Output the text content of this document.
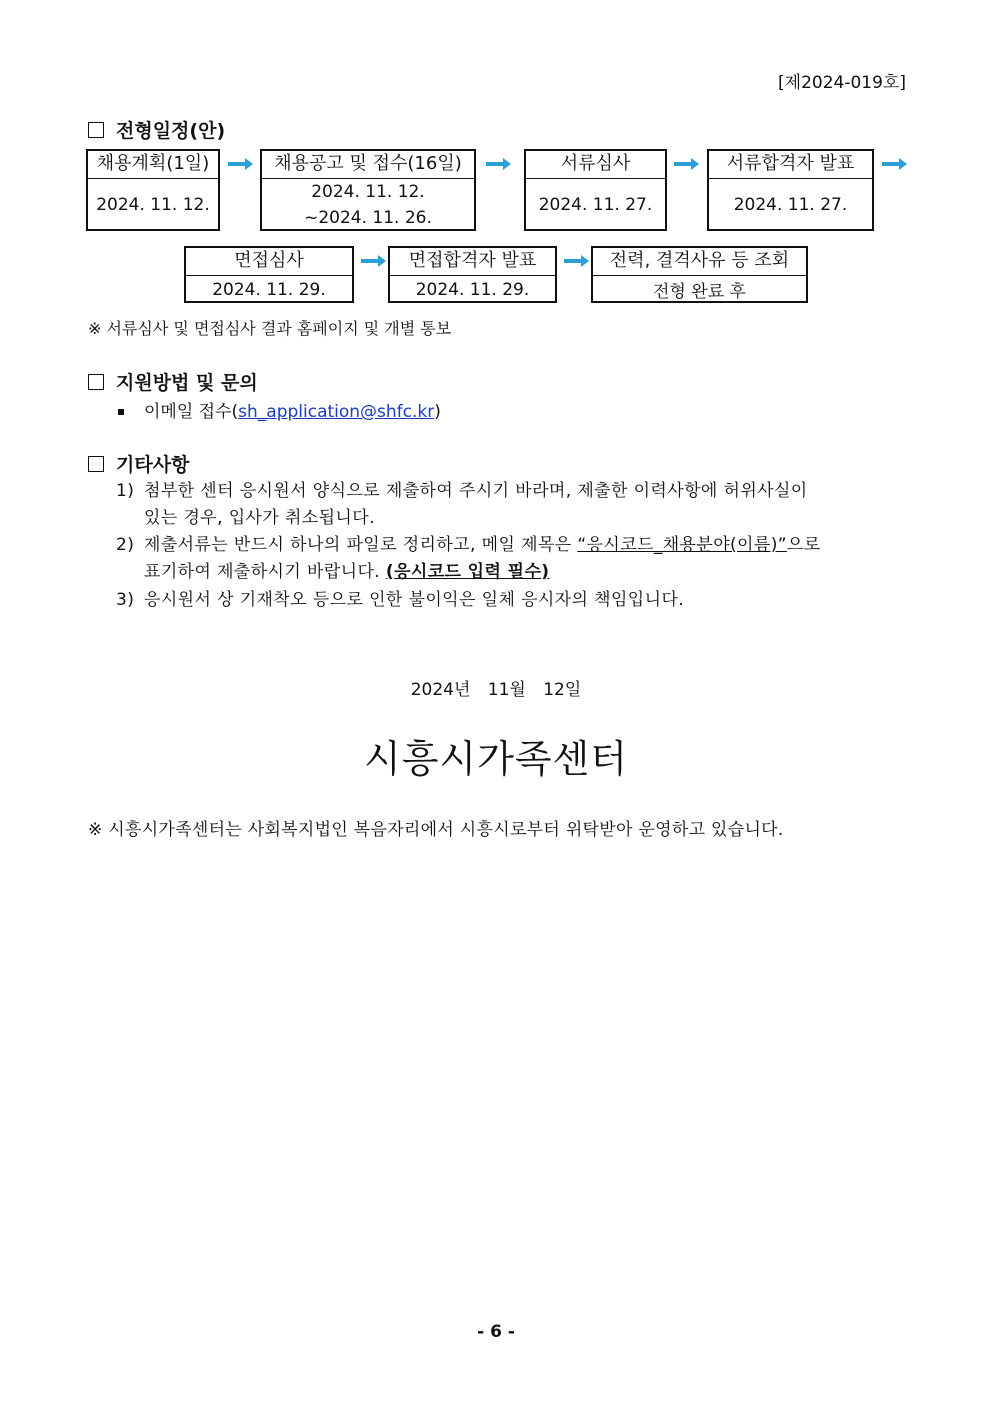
[제2024-019호]
전형일정(안)
채용계획(1일)
2024. 11. 12.
채용공고 및 접수(16일)
2024. 11. 12.
~2024. 11. 26.
서류심사
2024. 11. 27.
서류합격자 발표
2024. 11. 27.
면접심사
2024. 11. 29.
면접합격자 발표
2024. 11. 29.
전력, 결격사유 등 조회
전형 완료 후
※ 서류심사 및 면접심사 결과 홈페이지 및 개별 통보
지원방법 및 문의
이메일 접수(sh_application@shfc.kr)
기타사항
1) 첨부한 센터 응시원서 양식으로 제출하여 주시기 바라며, 제출한 이력사항에 허위사실이
있는 경우, 입사가 취소됩니다.
2) 제출서류는 반드시 하나의 파일로 정리하고, 메일 제목은 “응시코드_채용분야(이름)”으로
표기하여 제출하시기 바랍니다. (응시코드 입력 필수)
3) 응시원서 상 기재착오 등으로 인한 불이익은 일체 응시자의 책임입니다.
2024년 11월 12일
시흥시가족센터
※ 시흥시가족센터는 사회복지법인 복음자리에서 시흥시로부터 위탁받아 운영하고 있습니다.
- 6 -
